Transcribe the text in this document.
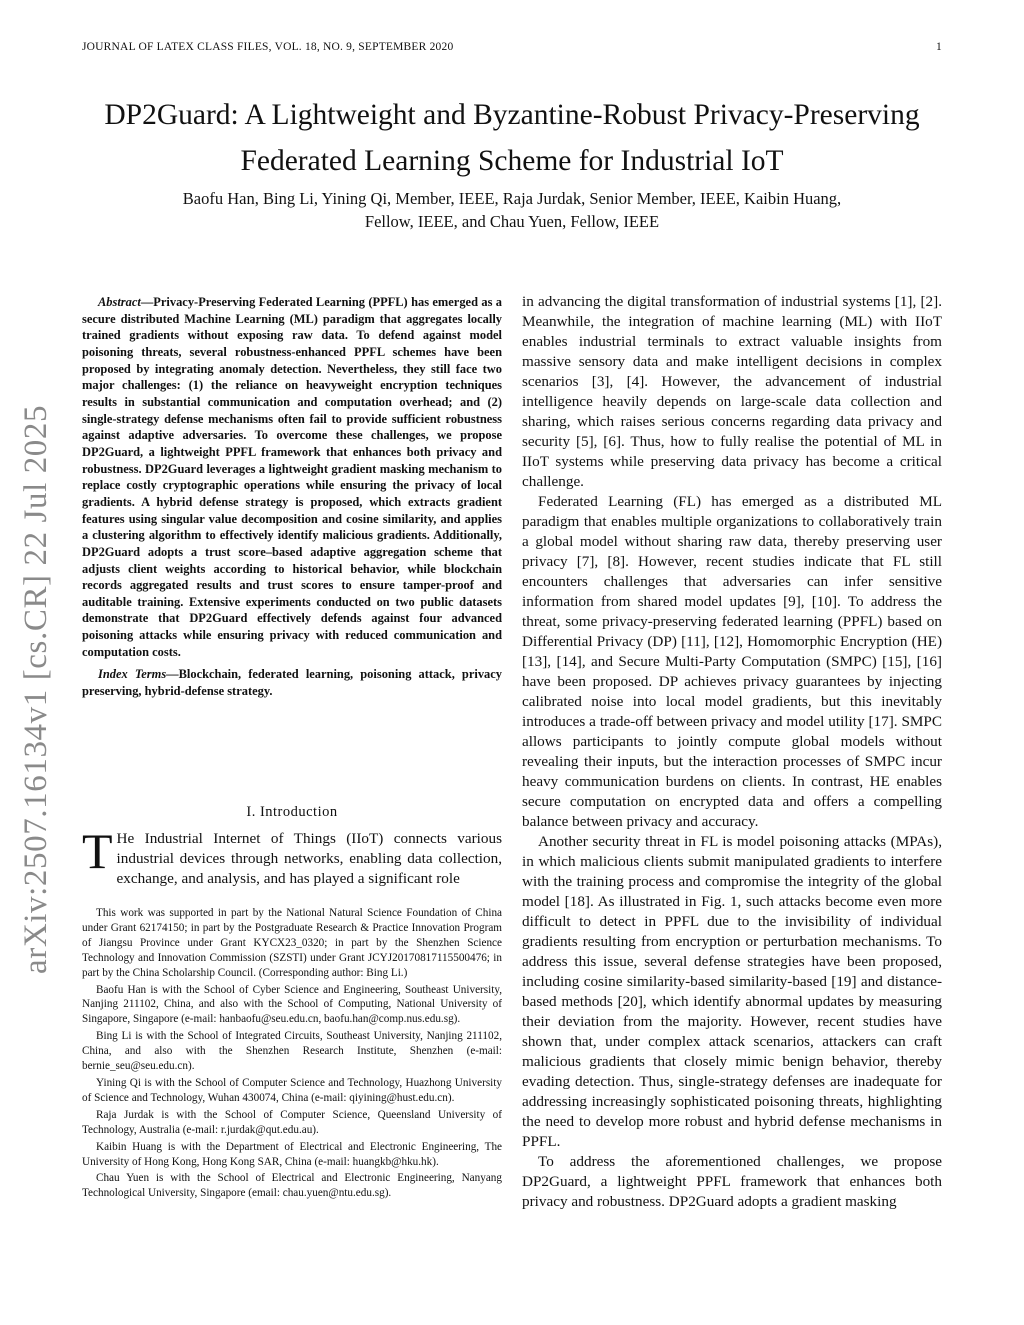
JOURNAL OF LATEX CLASS FILES, VOL. 18, NO. 9, SEPTEMBER 2020	1
DP2Guard: A Lightweight and Byzantine-Robust Privacy-Preserving Federated Learning Scheme for Industrial IoT
Baofu Han, Bing Li, Yining Qi, Member, IEEE, Raja Jurdak, Senior Member, IEEE, Kaibin Huang,
Fellow, IEEE, and Chau Yuen, Fellow, IEEE
arXiv:2507.16134v1 [cs.CR] 22 Jul 2025

Abstract—Privacy-Preserving Federated Learning (PPFL) has emerged as a secure distributed Machine Learning (ML) paradigm that aggregates locally trained gradients without exposing raw data. To defend against model poisoning threats, several robustness-enhanced PPFL schemes have been proposed by integrating anomaly detection. Nevertheless, they still face two major challenges: (1) the reliance on heavyweight encryption techniques results in substantial communication and computation overhead; and (2) single-strategy defense mechanisms often fail to provide sufficient robustness against adaptive adversaries. To overcome these challenges, we propose DP2Guard, a lightweight PPFL framework that enhances both privacy and robustness. DP2Guard leverages a lightweight gradient masking mechanism to replace costly cryptographic operations while ensuring the privacy of local gradients. A hybrid defense strategy is proposed, which extracts gradient features using singular value decomposition and cosine similarity, and applies a clustering algorithm to effectively identify malicious gradients. Additionally, DP2Guard adopts a trust score–based adaptive aggregation scheme that adjusts client weights according to historical behavior, while blockchain records aggregated results and trust scores to ensure tamper-proof and auditable training. Extensive experiments conducted on two public datasets demonstrate that DP2Guard effectively defends against four advanced poisoning attacks while ensuring privacy with reduced communication and computation costs.

Index Terms—Blockchain, federated learning, poisoning attack, privacy preserving, hybrid-defense strategy.

I. Introduction

T He Industrial Internet of Things (IIoT) connects various industrial devices through networks, enabling data collection, exchange, and analysis, and has played a significant role

This work was supported in part by the National Natural Science Foundation of China under Grant 62174150; in part by the Postgraduate Research & Practice Innovation Program of Jiangsu Province under Grant KYCX23_0320; in part by the Shenzhen Science Technology and Innovation Commission (SZSTI) under Grant JCYJ20170817115500476; in part by the China Scholarship Council. (Corresponding author: Bing Li.)

Baofu Han is with the School of Cyber Science and Engineering, Southeast University, Nanjing 211102, China, and also with the School of Computing, National University of Singapore, Singapore (e-mail: hanbaofu@seu.edu.cn, baofu.han@comp.nus.edu.sg).

Bing Li is with the School of Integrated Circuits, Southeast University, Nanjing 211102, China, and also with the Shenzhen Research Institute, Shenzhen (e-mail: bernie_seu@seu.edu.cn).

Yining Qi is with the School of Computer Science and Technology, Huazhong University of Science and Technology, Wuhan 430074, China (e-mail: qiyining@hust.edu.cn).

Raja Jurdak is with the School of Computer Science, Queensland University of Technology, Australia (e-mail: r.jurdak@qut.edu.au).

Kaibin Huang is with the Department of Electrical and Electronic Engineering, The University of Hong Kong, Hong Kong SAR, China (e-mail: huangkb@hku.hk).

Chau Yuen is with the School of Electrical and Electronic Engineering, Nanyang Technological University, Singapore (email: chau.yuen@ntu.edu.sg).

in advancing the digital transformation of industrial systems [1], [2]. Meanwhile, the integration of machine learning (ML) with IIoT enables industrial terminals to extract valuable insights from massive sensory data and make intelligent decisions in complex scenarios [3], [4]. However, the advancement of industrial intelligence heavily depends on large-scale data collection and sharing, which raises serious concerns regarding data privacy and security [5], [6]. Thus, how to fully realise the potential of ML in IIoT systems while preserving data privacy has become a critical challenge.

Federated Learning (FL) has emerged as a distributed ML paradigm that enables multiple organizations to collaboratively train a global model without sharing raw data, thereby preserving user privacy [7], [8]. However, recent studies indicate that FL still encounters challenges that adversaries can infer sensitive information from shared model updates [9], [10]. To address the threat, some privacy-preserving federated learning (PPFL) based on Differential Privacy (DP) [11], [12], Homomorphic Encryption (HE) [13], [14], and Secure Multi-Party Computation (SMPC) [15], [16] have been proposed. DP achieves privacy guarantees by injecting calibrated noise into local model gradients, but this inevitably introduces a trade-off between privacy and model utility [17]. SMPC allows participants to jointly compute global models without revealing their inputs, but the interaction processes of SMPC incur heavy communication burdens on clients. In contrast, HE enables secure computation on encrypted data and offers a compelling balance between privacy and accuracy.

Another security threat in FL is model poisoning attacks (MPAs), in which malicious clients submit manipulated gradients to interfere with the training process and compromise the integrity of the global model [18]. As illustrated in Fig. 1, such attacks become even more difficult to detect in PPFL due to the invisibility of individual gradients resulting from encryption or perturbation mechanisms. To address this issue, several defense strategies have been proposed, including cosine similarity-based similarity-based [19] and distance-based methods [20], which identify abnormal updates by measuring their deviation from the majority. However, recent studies have shown that, under complex attack scenarios, attackers can craft malicious gradients that closely mimic benign behavior, thereby evading detection. Thus, single-strategy defenses are inadequate for addressing increasingly sophisticated poisoning threats, highlighting the need to develop more robust and hybrid defense mechanisms in PPFL.

To address the aforementioned challenges, we propose DP2Guard, a lightweight PPFL framework that enhances both privacy and robustness. DP2Guard adopts a gradient masking
